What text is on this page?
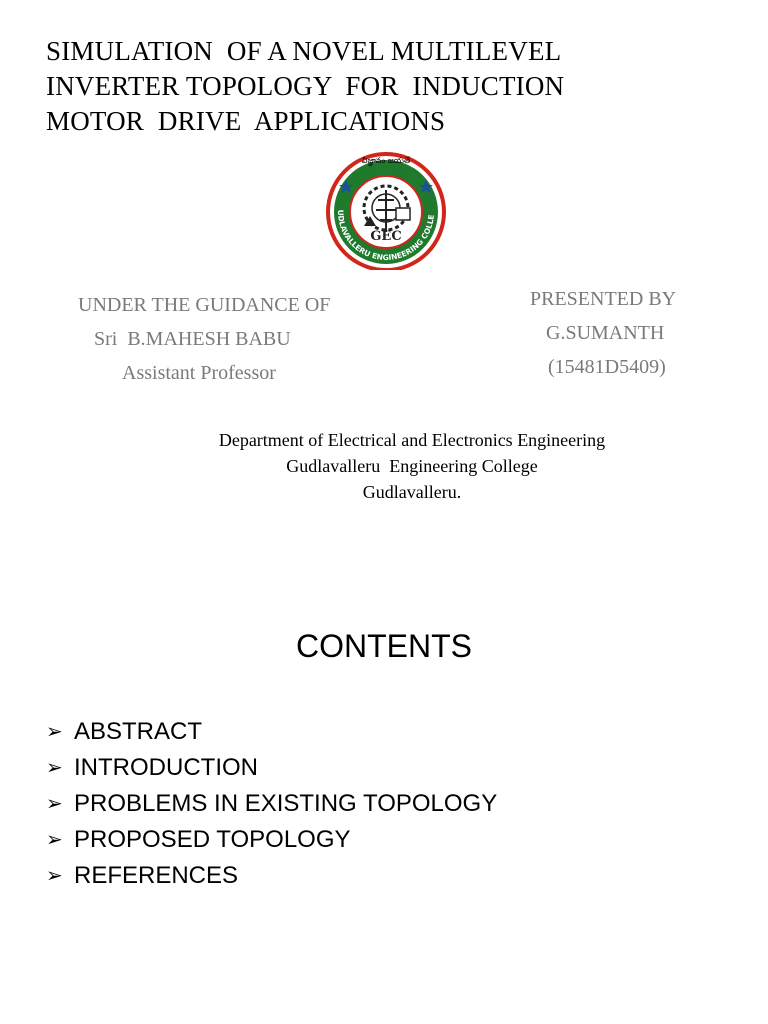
SIMULATION  OF A NOVEL MULTILEVEL
INVERTER TOPOLOGY  FOR  INDUCTION
MOTOR  DRIVE  APPLICATIONS
UDLAVALLERU ENGINEERING COLLE
విజ్ఞానం జయతే
GEC
UNDER THE GUIDANCE OF
Sri  B.MAHESH BABU
Assistant Professor
PRESENTED BY
G.SUMANTH
(15481D5409)
Department of Electrical and Electronics Engineering
Gudlavalleru  Engineering College
Gudlavalleru.
CONTENTS
➢ ABSTRACT
➢ INTRODUCTION
➢ PROBLEMS IN EXISTING TOPOLOGY
➢ PROPOSED TOPOLOGY
➢ REFERENCES
